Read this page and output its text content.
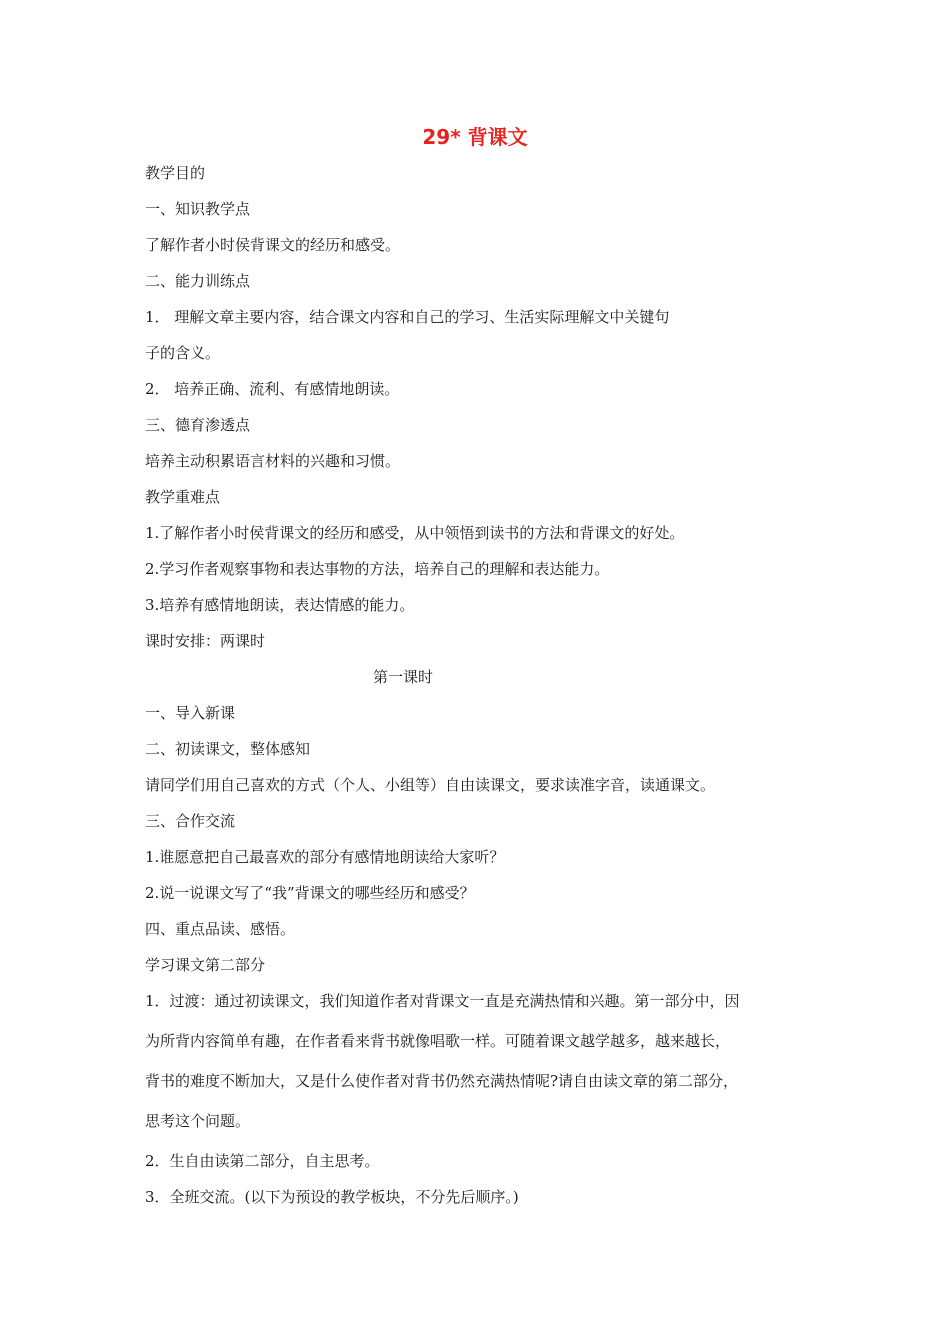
29* 背课文
教学目的
一、知识教学点
了解作者小时侯背课文的经历和感受。
二、能力训练点
1． 理解文章主要内容，结合课文内容和自己的学习、生活实际理解文中关键句
子的含义。
2． 培养正确、流利、有感情地朗读。
三、德育渗透点
培养主动积累语言材料的兴趣和习惯。
教学重难点
1.了解作者小时侯背课文的经历和感受，从中领悟到读书的方法和背课文的好处。
2.学习作者观察事物和表达事物的方法，培养自己的理解和表达能力。
3.培养有感情地朗读，表达情感的能力。
课时安排：两课时
第一课时
一、导入新课
二、初读课文，整体感知
请同学们用自己喜欢的方式（个人、小组等）自由读课文，要求读准字音，读通课文。
三、合作交流
1.谁愿意把自己最喜欢的部分有感情地朗读给大家听？
2.说一说课文写了“我”背课文的哪些经历和感受？
四、重点品读、感悟。
学习课文第二部分
1．过渡：通过初读课文，我们知道作者对背课文一直是充满热情和兴趣。第一部分中，因
为所背内容简单有趣，在作者看来背书就像唱歌一样。可随着课文越学越多，越来越长，
背书的难度不断加大，又是什么使作者对背书仍然充满热情呢?请自由读文章的第二部分，
思考这个问题。
2．生自由读第二部分，自主思考。
3．全班交流。(以下为预设的教学板块，不分先后顺序。)
